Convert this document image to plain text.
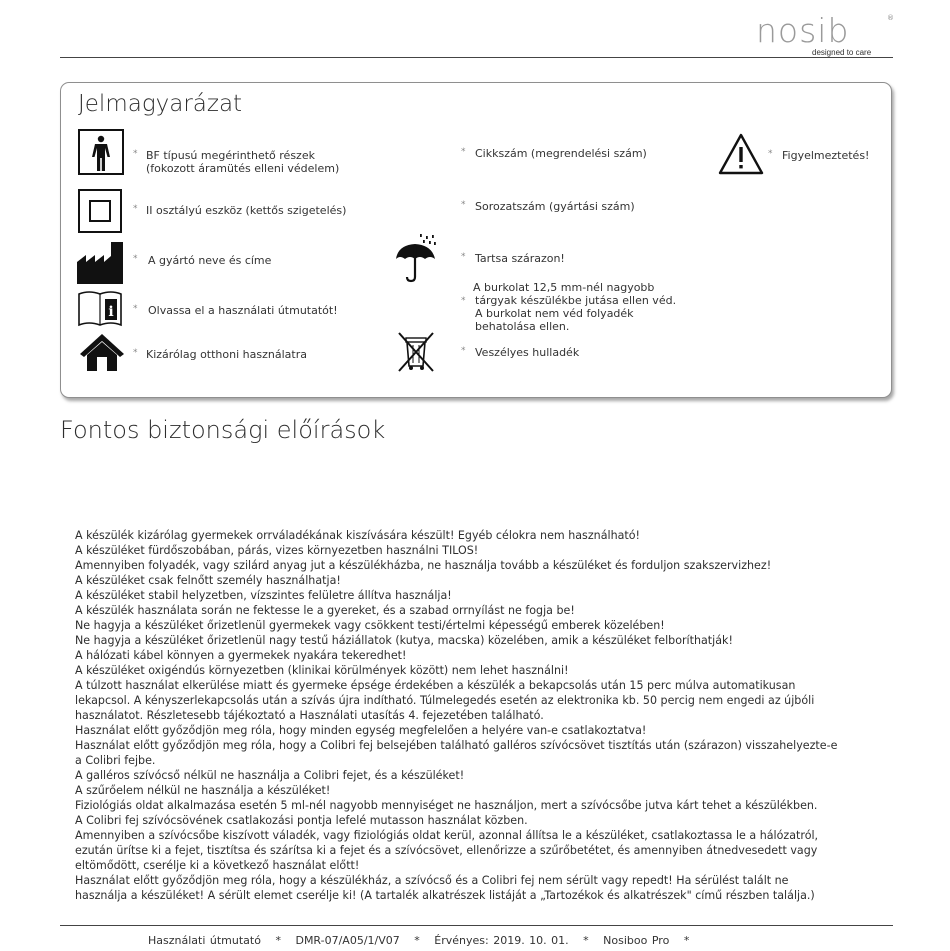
nosib	®
designed to care
Jelmagyarázat
i
* BF típusú megérinthető részek
(fokozott áramütés elleni védelem)
* II osztályú eszköz (kettős szigetelés)
* A gyártó neve és címe
* Olvassa el a használati útmutatót!
* Kizárólag otthoni használatra
* Cikkszám (megrendelési szám)
* Sorozatszám (gyártási szám)
* Tartsa szárazon!
A burkolat 12,5 mm-nél nagyobb
* tárgyak készülékbe jutása ellen véd.
A burkolat nem véd folyadék
behatolása ellen.
* Veszélyes hulladék
* Figyelmeztetés!
Fontos biztonsági előírások
A készülék kizárólag gyermekek orrváladékának kiszívására készült! Egyéb célokra nem használható!
A készüléket fürdőszobában, párás, vizes környezetben használni TILOS!
Amennyiben folyadék, vagy szilárd anyag jut a készülékházba, ne használja tovább a készüléket és forduljon szakszervizhez!
A készüléket csak felnőtt személy használhatja!
A készüléket stabil helyzetben, vízszintes felületre állítva használja!
A készülék használata során ne fektesse le a gyereket, és a szabad orrnyílást ne fogja be!
Ne hagyja a készüléket őrizetlenül gyermekek vagy csökkent testi/értelmi képességű emberek közelében!
Ne hagyja a készüléket őrizetlenül nagy testű háziállatok (kutya, macska) közelében, amik a készüléket felboríthatják!
A hálózati kábel könnyen a gyermekek nyakára tekeredhet!
A készüléket oxigéndús környezetben (klinikai körülmények között) nem lehet használni!
A túlzott használat elkerülése miatt és gyermeke épsége érdekében a készülék a bekapcsolás után 15 perc múlva automatikusan
lekapcsol. A kényszerlekapcsolás után a szívás újra indítható. Túlmelegedés esetén az elektronika kb. 50 percig nem engedi az újbóli
használatot. Részletesebb tájékoztató a Használati utasítás 4. fejezetében található.
Használat előtt győződjön meg róla, hogy minden egység megfelelően a helyére van-e csatlakoztatva!
Használat előtt győződjön meg róla, hogy a Colibri fej belsejében található galléros szívócsövet tisztítás után (szárazon) visszahelyezte-e
a Colibri fejbe.
A galléros szívócső nélkül ne használja a Colibri fejet, és a készüléket!
A szűrőelem nélkül ne használja a készüléket!
Fiziológiás oldat alkalmazása esetén 5 ml-nél nagyobb mennyiséget ne használjon, mert a szívócsőbe jutva kárt tehet a készülékben.
A Colibri fej szívócsövének csatlakozási pontja lefelé mutasson használat közben.
Amennyiben a szívócsőbe kiszívott váladék, vagy fiziológiás oldat kerül, azonnal állítsa le a készüléket, csatlakoztassa le a hálózatról,
ezután ürítse ki a fejet, tisztítsa és szárítsa ki a fejet és a szívócsövet, ellenőrizze a szűrőbetétet, és amennyiben átnedvesedett vagy
eltömődött, cserélje ki a következő használat előtt!
Használat előtt győződjön meg róla, hogy a készülékház, a szívócső és a Colibri fej nem sérült vagy repedt! Ha sérülést talált ne
használja a készüléket! A sérült elemet cserélje ki! (A tartalék alkatrészek listáját a „Tartozékok és alkatrészek" című részben találja.)
Használati útmutató * DMR-07/A05/1/V07 * Érvényes: 2019. 10. 01. * Nosiboo Pro *
